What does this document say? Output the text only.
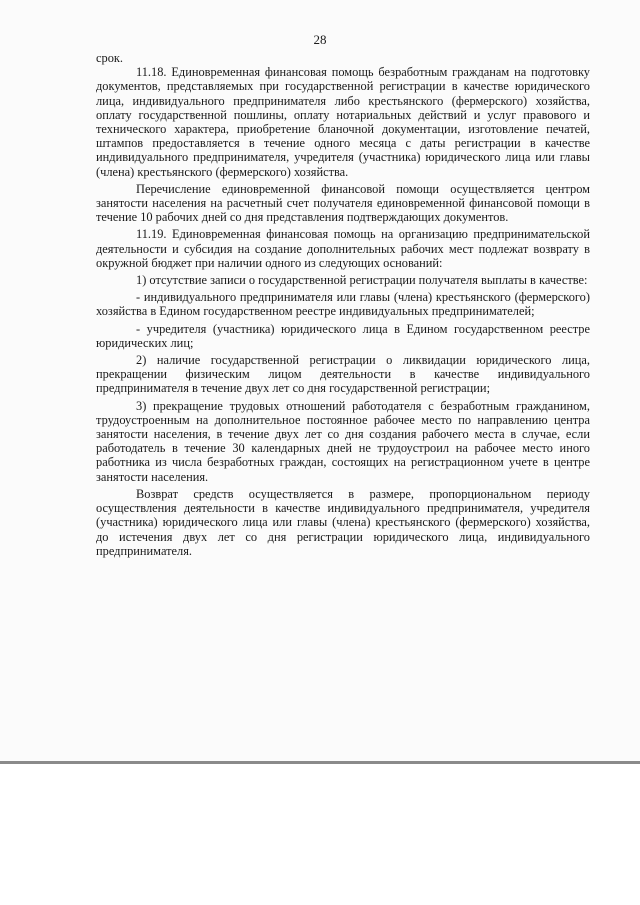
28

срок.

11.18. Единовременная финансовая помощь безработным гражданам на подготовку документов, представляемых при государственной регистрации в качестве юридического лица, индивидуального предпринимателя либо крестьянского (фермерского) хозяйства, оплату государственной пошлины, оплату нотариальных действий и услуг правового и технического характера, приобретение бланочной документации, изготовление печатей, штампов предоставляется в течение одного месяца с даты регистрации в качестве индивидуального предпринимателя, учредителя (участника) юридического лица или главы (члена) крестьянского (фермерского) хозяйства.

Перечисление единовременной финансовой помощи осуществляется центром занятости населения на расчетный счет получателя единовременной финансовой помощи в течение 10 рабочих дней со дня представления подтверждающих документов.

11.19. Единовременная финансовая помощь на организацию предпринимательской деятельности и субсидия на создание дополнительных рабочих мест подлежат возврату в окружной бюджет при наличии одного из следующих оснований:

1) отсутствие записи о государственной регистрации получателя выплаты в качестве:

- индивидуального предпринимателя или главы (члена) крестьянского (фермерского) хозяйства в Едином государственном реестре индивидуальных предпринимателей;

- учредителя (участника) юридического лица в Едином государственном реестре юридических лиц;

2) наличие государственной регистрации о ликвидации юридического лица, прекращении физическим лицом деятельности в качестве индивидуального предпринимателя в течение двух лет со дня государственной регистрации;

3) прекращение трудовых отношений работодателя с безработным гражданином, трудоустроенным на дополнительное постоянное рабочее место по направлению центра занятости населения, в течение двух лет со дня создания рабочего места в случае, если работодатель в течение 30 календарных дней не трудоустроил на рабочее место иного работника из числа безработных граждан, состоящих на регистрационном учете в центре занятости населения.

Возврат средств осуществляется в размере, пропорциональном периоду осуществления деятельности в качестве индивидуального предпринимателя, учредителя (участника) юридического лица или главы (члена) крестьянского (фермерского) хозяйства, до истечения двух лет со дня регистрации юридического лица, индивидуального предпринимателя.
